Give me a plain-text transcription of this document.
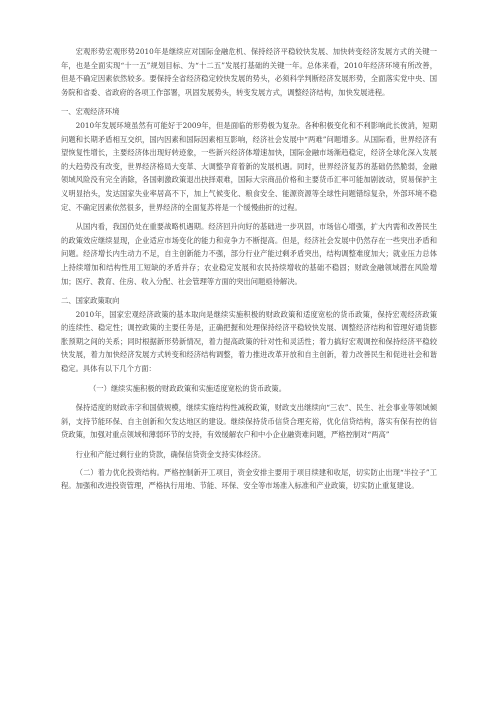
宏观形势宏观形势2010年是继续应对国际金融危机、保持经济平稳较快发展、加快转变经济发展方式的关键一年，也是全面实现“十一五”规划目标、为“十二五”发展打基础的关键一年。总体来看，2010年经济环境有所改善，但是不确定因素依然较多。要保持全省经济稳定较快发展的势头，必须科学判断经济发展形势，全面落实党中央、国务院和省委、省政府的各项工作部署，巩固发展势头，转变发展方式，调整经济结构，加快发展进程。

一、宏观经济环境

2010年发展环境虽然有可能好于2009年，但是面临的形势极为复杂。各种积极变化和不利影响此长彼消，短期问题和长期矛盾相互交织，国内因素和国际因素相互影响，经济社会发展中“两难”问题增多。从国际看，世界经济有望恢复性增长，主要经济体出现好转迹象，一些新兴经济体增速加快，国际金融市场渐趋稳定，经济全球化深入发展的大趋势没有改变，世界经济格局大变革、大调整孕育着新的发展机遇。同时，世界经济复苏的基础仍然脆弱，金融领域风险没有完全消除，各国刺激政策退出抉择艰难，国际大宗商品价格和主要货币汇率可能加剧波动，贸易保护主义明显抬头，发达国家失业率居高不下，加上气候变化、粮食安全、能源资源等全球性问题错综复杂，外部环境不稳定、不确定因素依然很多，世界经济的全面复苏将是一个缓慢曲折的过程。

从国内看，我国仍处在重要战略机遇期。经济回升向好的基础进一步巩固，市场信心增强，扩大内需和改善民生的政策效应继续显现，企业适应市场变化的能力和竞争力不断提高。但是，经济社会发展中仍然存在一些突出矛盾和问题。经济增长内生动力不足，自主创新能力不强，部分行业产能过剩矛盾突出，结构调整难度加大；就业压力总体上持续增加和结构性用工短缺的矛盾并存；农业稳定发展和农民持续增收的基础不稳固；财政金融领域潜在风险增加；医疗、教育、住房、收入分配、社会管理等方面的突出问题亟待解决。

二、国家政策取向

2010年，国家宏观经济政策的基本取向是继续实施积极的财政政策和适度宽松的货币政策，保持宏观经济政策的连续性、稳定性；调控政策的主要任务是，正确把握和处理保持经济平稳较快发展、调整经济结构和管理好通货膨胀预期之间的关系；同时根据新形势新情况，着力提高政策的针对性和灵活性；着力搞好宏观调控和保持经济平稳较快发展，着力加快经济发展方式转变和经济结构调整，着力推进改革开放和自主创新，着力改善民生和促进社会和谐稳定。具体有以下几个方面：

（一）继续实施积极的财政政策和实施适度宽松的货币政策。

保持适度的财政赤字和国债规模，继续实施结构性减税政策，财政支出继续向“三农”、民生、社会事业等领域倾斜，支持节能环保、自主创新和欠发达地区的建设。继续保持货币信贷合理充裕，优化信贷结构，落实有保有控的信贷政策，加强对重点领域和薄弱环节的支持，有效缓解农户和中小企业融资难问题，严格控制对“两高”

行业和产能过剩行业的贷款，确保信贷资金支持实体经济。

（二）着力优化投资结构。严格控制新开工项目，资金安排主要用于项目续建和收尾，切实防止出现“半拉子”工程。加强和改进投资管理，严格执行用地、节能、环保、安全等市场准入标准和产业政策，切实防止重复建设。
